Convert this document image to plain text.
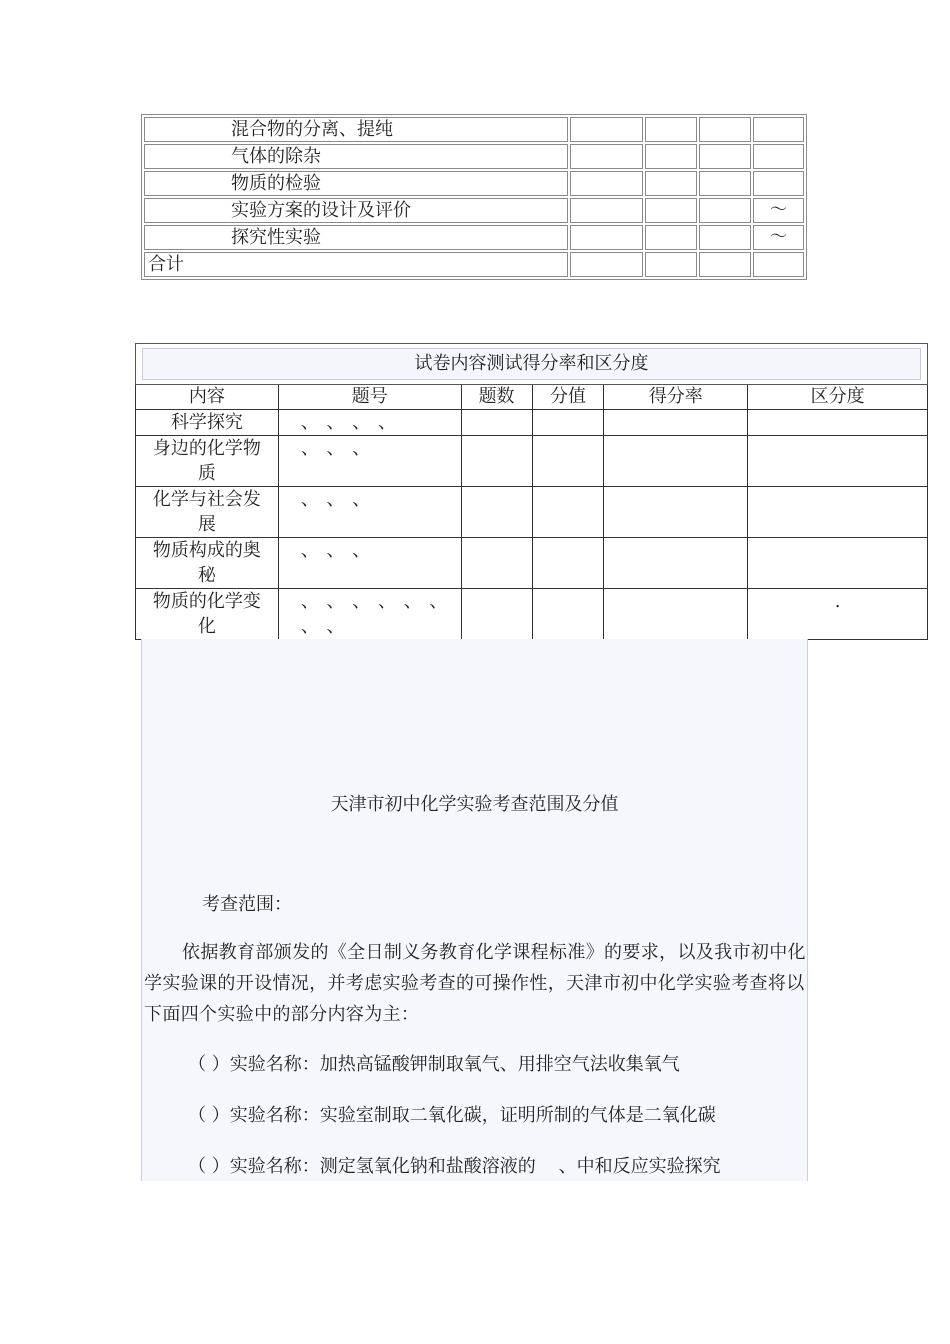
混合物的分离、提纯				
气体的除杂				
物质的检验				
实验方案的设计及评价				～
探究性实验				～
合计				
试卷内容测试得分率和区分度					

内容	题号	题数	分值	得分率	区分度
科学探究	、 、 、 、				
身边的化学物质	、 、 、				
化学与社会发展	、 、 、				
物质构成的奥秘	、 、 、				
物质的化学变化	、 、 、 、 、 、 、 、				.
天津市初中化学实验考查范围及分值
考查范围：
依据教育部颁发的《全日制义务教育化学课程标准》的要求，以及我市初中化学实验课的开设情况，并考虑实验考查的可操作性，天津市初中化学实验考查将以下面四个实验中的部分内容为主：
（ ）实验名称：加热高锰酸钾制取氧气、用排空气法收集氧气
（ ）实验名称：实验室制取二氧化碳，证明所制的气体是二氧化碳
（ ）实验名称：测定氢氧化钠和盐酸溶液的    、中和反应实验探究
